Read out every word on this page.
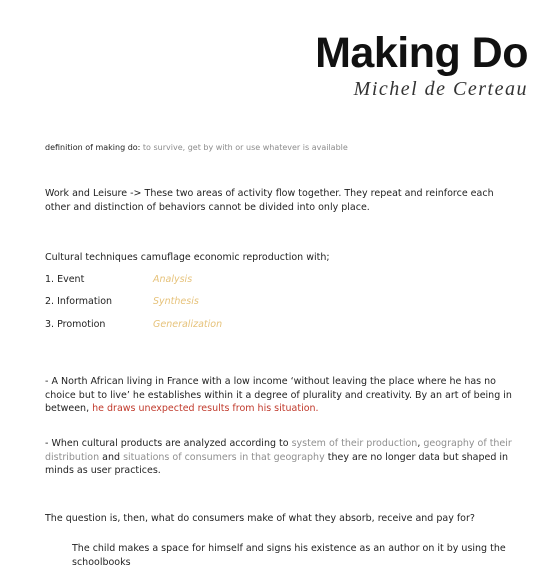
Making Do
Michel de Certeau
definition of making do: to survive, get by with or use whatever is available
Work and Leisure -> These two areas of activity flow together. They repeat and reinforce each other and distinction of behaviors cannot be divided into only place.
Cultural techniques camuflage economic reproduction with;
1. Event	Analysis
2. Information	Synthesis
3. Promotion	Generalization
- A North African living in France with a low income ‘without leaving the place where he has no choice but to live’ he establishes within it a degree of plurality and creativity. By an art of being in between, he draws unexpected results from his situation.
- When cultural products are analyzed according to system of their production, geography of their distribution and situations of consumers in that geography they are no longer data but shaped in minds as user practices.
The question is, then, what do consumers make of what they absorb, receive and pay for?
The child makes a space for himself and signs his existence as an author on it by using the schoolbooks
